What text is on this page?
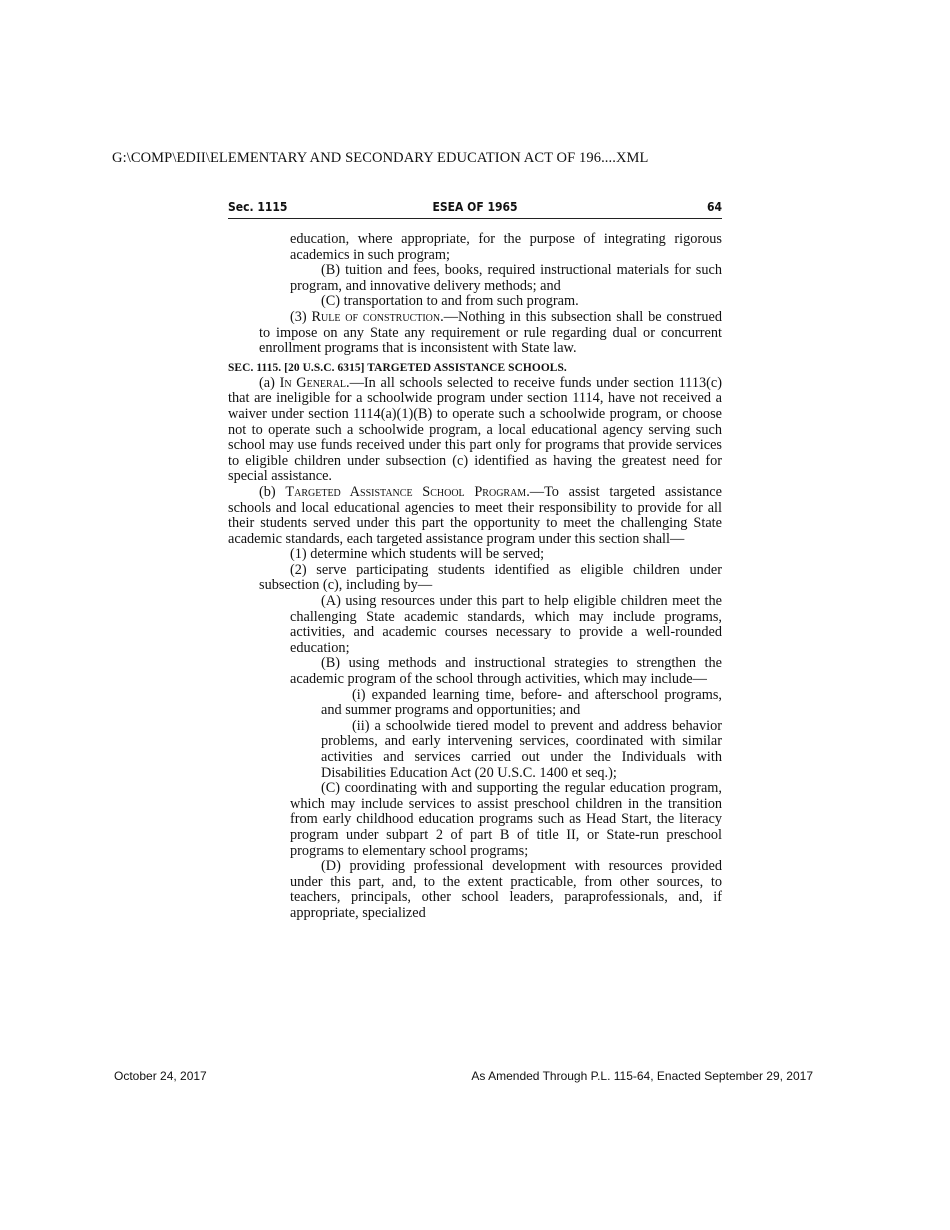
G:\COMP\EDII\ELEMENTARY AND SECONDARY EDUCATION ACT OF 196....XML
Sec. 1115	ESEA OF 1965	64

education, where appropriate, for the purpose of integrating rigorous academics in such program;

(B) tuition and fees, books, required instructional materials for such program, and innovative delivery methods; and

(C) transportation to and from such program.

(3) Rule of construction.—Nothing in this subsection shall be construed to impose on any State any requirement or rule regarding dual or concurrent enrollment programs that is inconsistent with State law.

SEC. 1115. [20 U.S.C. 6315] TARGETED ASSISTANCE SCHOOLS.

(a) In General.—In all schools selected to receive funds under section 1113(c) that are ineligible for a schoolwide program under section 1114, have not received a waiver under section 1114(a)(1)(B) to operate such a schoolwide program, or choose not to operate such a schoolwide program, a local educational agency serving such school may use funds received under this part only for programs that provide services to eligible children under subsection (c) identified as having the greatest need for special assistance.

(b) Targeted Assistance School Program.—To assist targeted assistance schools and local educational agencies to meet their responsibility to provide for all their students served under this part the opportunity to meet the challenging State academic standards, each targeted assistance program under this section shall—

(1) determine which students will be served;

(2) serve participating students identified as eligible children under subsection (c), including by—

(A) using resources under this part to help eligible children meet the challenging State academic standards, which may include programs, activities, and academic courses necessary to provide a well-rounded education;

(B) using methods and instructional strategies to strengthen the academic program of the school through activities, which may include—

(i) expanded learning time, before- and afterschool programs, and summer programs and opportunities; and

(ii) a schoolwide tiered model to prevent and address behavior problems, and early intervening services, coordinated with similar activities and services carried out under the Individuals with Disabilities Education Act (20 U.S.C. 1400 et seq.);

(C) coordinating with and supporting the regular education program, which may include services to assist preschool children in the transition from early childhood education programs such as Head Start, the literacy program under subpart 2 of part B of title II, or State-run preschool programs to elementary school programs;

(D) providing professional development with resources provided under this part, and, to the extent practicable, from other sources, to teachers, principals, other school leaders, paraprofessionals, and, if appropriate, specialized

October 24, 2017	As Amended Through P.L. 115-64, Enacted September 29, 2017
